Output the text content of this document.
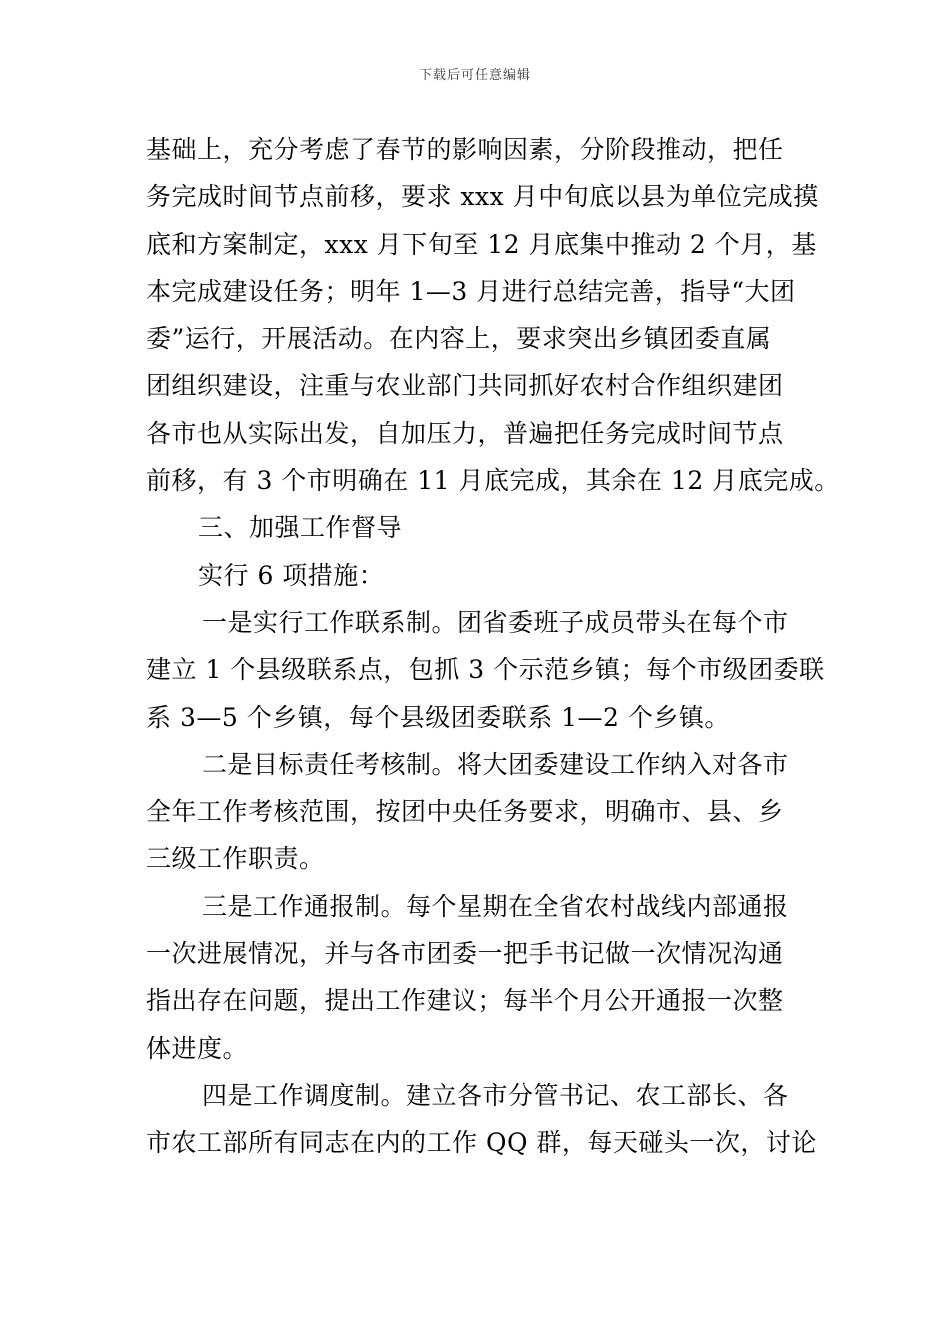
下载后可任意编辑
基础上，充分考虑了春节的影响因素，分阶段推动，把任
务完成时间节点前移，要求 xxx 月中旬底以县为单位完成摸
底和方案制定，xxx 月下旬至 12 月底集中推动 2 个月，基
本完成建设任务；明年 1—3 月进行总结完善，指导“大团
委”运行，开展活动。在内容上，要求突出乡镇团委直属
团组织建设，注重与农业部门共同抓好农村合作组织建团
各市也从实际出发，自加压力，普遍把任务完成时间节点
前移，有 3 个市明确在 11 月底完成，其余在 12 月底完成。
三、加强工作督导
实行 6 项措施：
一是实行工作联系制。团省委班子成员带头在每个市
建立 1 个县级联系点，包抓 3 个示范乡镇；每个市级团委联
系 3—5 个乡镇，每个县级团委联系 1—2 个乡镇。
二是目标责任考核制。将大团委建设工作纳入对各市
全年工作考核范围，按团中央任务要求，明确市、县、乡
三级工作职责。
三是工作通报制。每个星期在全省农村战线内部通报
一次进展情况，并与各市团委一把手书记做一次情况沟通
指出存在问题，提出工作建议；每半个月公开通报一次整
体进度。
四是工作调度制。建立各市分管书记、农工部长、各
市农工部所有同志在内的工作 QQ 群，每天碰头一次，讨论
